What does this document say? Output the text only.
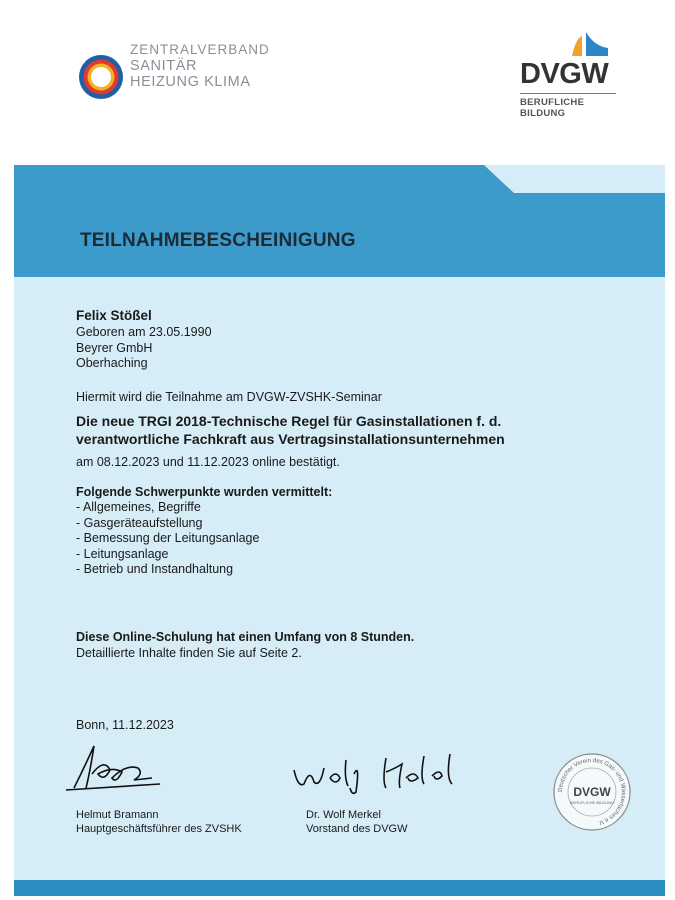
ZENTRALVERBAND
SANITÄR
HEIZUNG KLIMA	DVGW
BERUFLICHE BILDUNG
TEILNAHMEBESCHEINIGUNG
Felix Stößel
Geboren am 23.05.1990
Beyrer GmbH
Oberhaching
Hiermit wird die Teilnahme am DVGW-ZVSHK-Seminar
Die neue TRGI 2018-Technische Regel für Gasinstallationen f. d.
verantwortliche Fachkraft aus Vertragsinstallationsunternehmen
am 08.12.2023 und 11.12.2023 online bestätigt.
Folgende Schwerpunkte wurden vermittelt:
- Allgemeines, Begriffe
- Gasgeräteaufstellung
- Bemessung der Leitungsanlage
- Leitungsanlage
- Betrieb und Instandhaltung
Diese Online-Schulung hat einen Umfang von 8 Stunden.
Detaillierte Inhalte finden Sie auf Seite 2.
Bonn, 11.12.2023
Helmut Bramann
Hauptgeschäftsführer des ZVSHK
Dr. Wolf Merkel
Vorstand des DVGW
Deutscher Verein des Gas- und Wasserfaches e.V.
DVGW
BERUFLICHE BILDUNG
